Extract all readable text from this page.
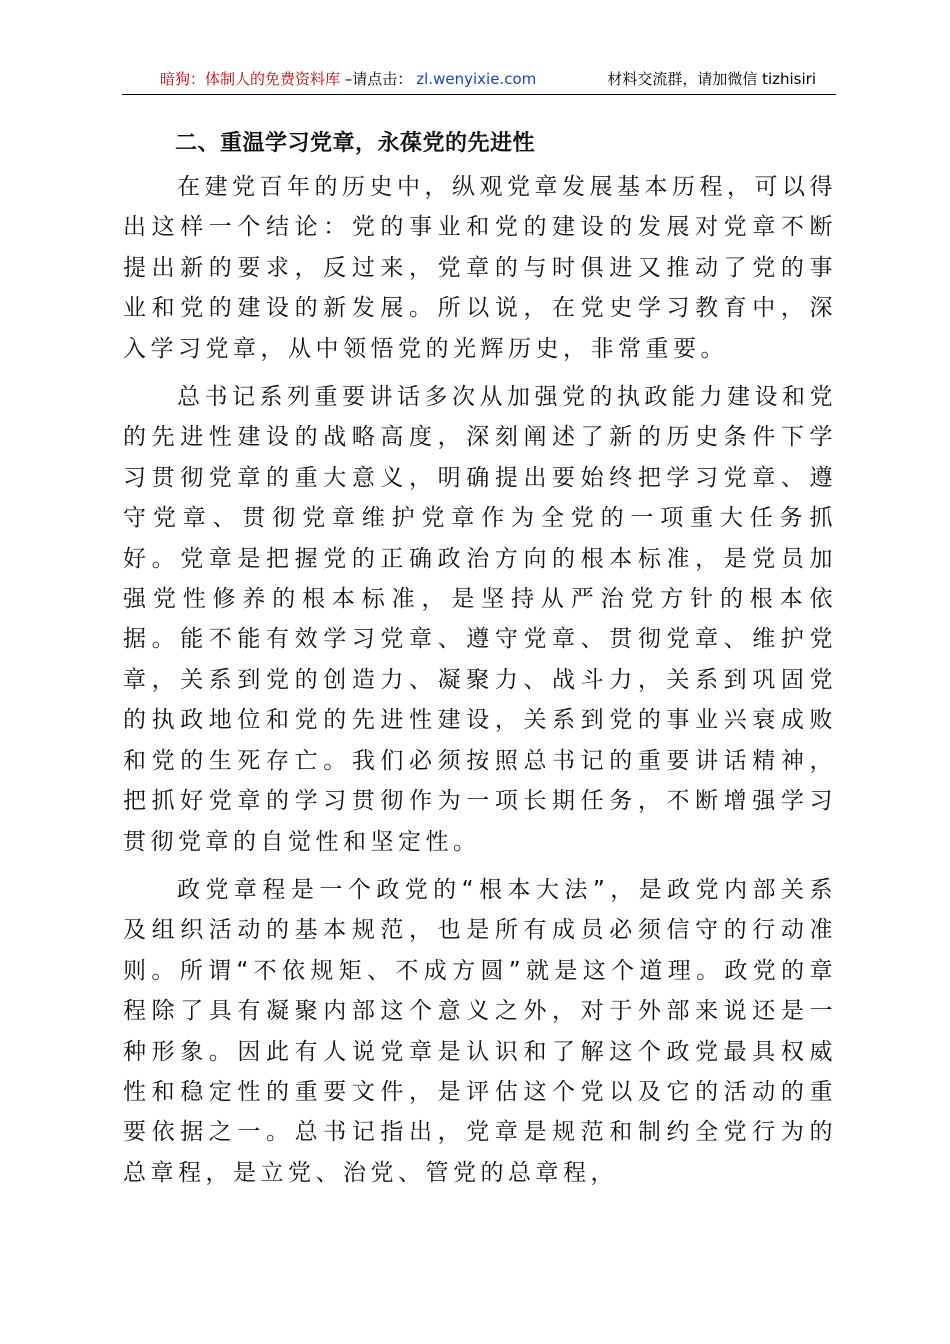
暗狗：体制人的免费资料库 –请点击： zl.wenyixie.com	材料交流群，请加微信 tizhisiri
二、重温学习党章，永葆党的先进性

在建党百年的历史中，纵观党章发展基本历程，可以得出这样一个结论：党的事业和党的建设的发展对党章不断提出新的要求，反过来，党章的与时俱进又推动了党的事业和党的建设的新发展。所以说，在党史学习教育中，深入学习党章，从中领悟党的光辉历史，非常重要。

总书记系列重要讲话多次从加强党的执政能力建设和党的先进性建设的战略高度，深刻阐述了新的历史条件下学习贯彻党章的重大意义，明确提出要始终把学习党章、遵守党章、贯彻党章维护党章作为全党的一项重大任务抓好。党章是把握党的正确政治方向的根本标准，是党员加强党性修养的根本标准，是坚持从严治党方针的根本依据。能不能有效学习党章、遵守党章、贯彻党章、维护党章，关系到党的创造力、凝聚力、战斗力，关系到巩固党的执政地位和党的先进性建设，关系到党的事业兴衰成败和党的生死存亡。我们必须按照总书记的重要讲话精神，把抓好党章的学习贯彻作为一项长期任务，不断增强学习贯彻党章的自觉性和坚定性。

政党章程是一个政党的“根本大法”，是政党内部关系及组织活动的基本规范，也是所有成员必须信守的行动准则。所谓“不依规矩、不成方圆”就是这个道理。政党的章程除了具有凝聚内部这个意义之外，对于外部来说还是一种形象。因此有人说党章是认识和了解这个政党最具权威性和稳定性的重要文件，是评估这个党以及它的活动的重要依据之一。总书记指出，党章是规范和制约全党行为的总章程，是立党、治党、管党的总章程，
